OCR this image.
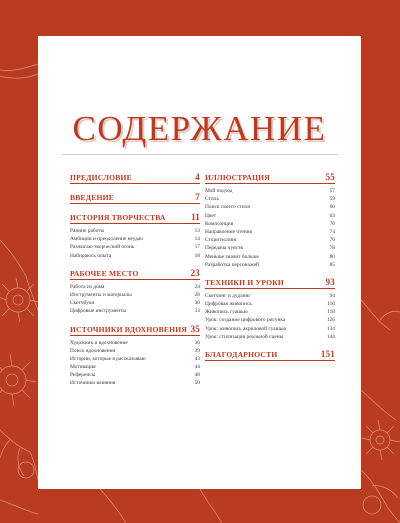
СОДЕРЖАНИЕ
ПРЕДИСЛОВИЕ	4
ВВЕДЕНИЕ	7
ИСТОРИЯ ТВОРЧЕСТВА	11
Ранние работы	13
Амбиции и преодоление неудач	14
Разжигаю творческий огонь	17
Набираюсь опыта	18
РАБОЧЕЕ МЕСТО	23
Работа из дома	24
Инструменты и материалы	28
Скетчбуки	30
Цифровые инструменты	33
ИСТОЧНИКИ ВДОХНОВЕНИЯ 35
Художник и вдохновение	36
Поиск вдохновения	39
Истории, которые я рассказываю	43
Мотивация	44
Референсы	48
Источники влияния	50
ИЛЛЮСТРАЦИЯ	55
Мой подход	57
Стиль	59
Поиск своего стиля	60
Цвет	63
Композиция	70
Направление чтения	74
Сторителлинг	76
Передача чувств	78
Меньше значит больше	80
Разработка персонажей	85
ТЕХНИКИ И УРОКИ	93
Скетчинг и дудлинг	94
Цифровая живопись	110
Живопись гуашью	118
Урок: создание цифрового рисунка	126
Урок: живопись акриловой гуашью	134
Урок: стилизация реальной сцены	144
БЛАГОДАРНОСТИ	151
